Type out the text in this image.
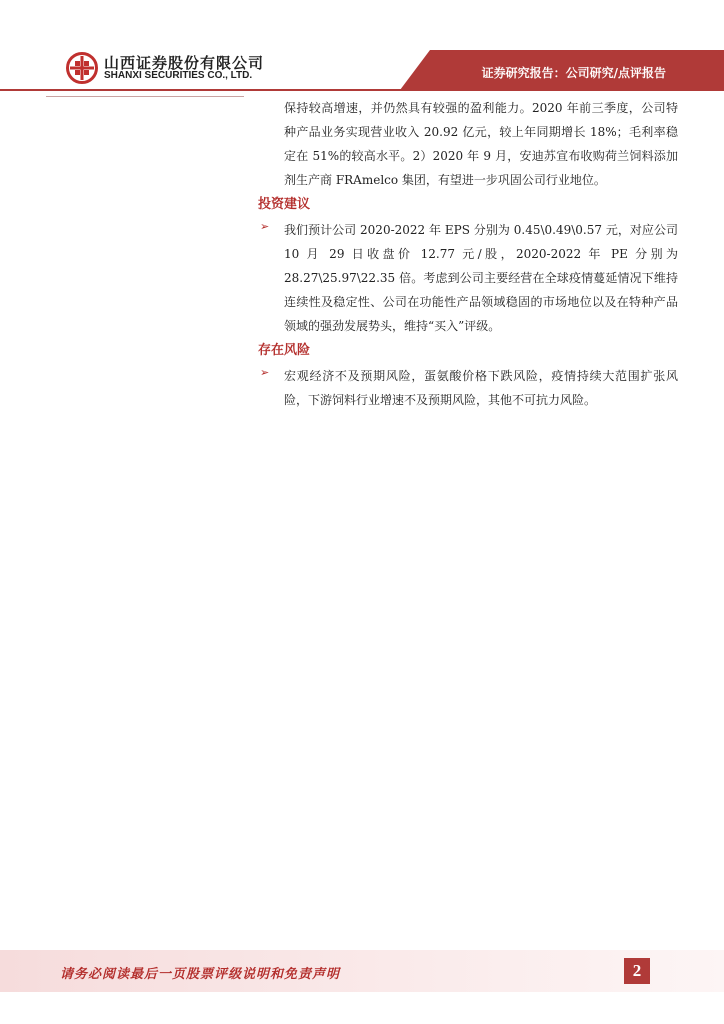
山西证券股份有限公司
SHANXI SECURITIES CO., LTD.	证券研究报告：公司研究/点评报告

保持较高增速，并仍然具有较强的盈利能力。2020 年前三季度，公司特种产品业务实现营业收入 20.92 亿元，较上年同期增长 18%；毛利率稳定在 51%的较高水平。2）2020 年 9 月，安迪苏宣布收购荷兰饲料添加剂生产商 FRAmelco 集团，有望进一步巩固公司行业地位。

投资建议

➢ 我们预计公司 2020-2022 年 EPS 分别为 0.45\0.49\0.57 元，对应公司 10 月 29 日收盘价 12.77 元/股，2020-2022 年 PE 分别为 28.27\25.97\22.35 倍。考虑到公司主要经营在全球疫情蔓延情况下维持连续性及稳定性、公司在功能性产品领域稳固的市场地位以及在特种产品领域的强劲发展势头，维持“买入”评级。

存在风险

➢ 宏观经济不及预期风险，蛋氨酸价格下跌风险，疫情持续大范围扩张风险，下游饲料行业增速不及预期风险，其他不可抗力风险。

请务必阅读最后一页股票评级说明和免责声明	2
